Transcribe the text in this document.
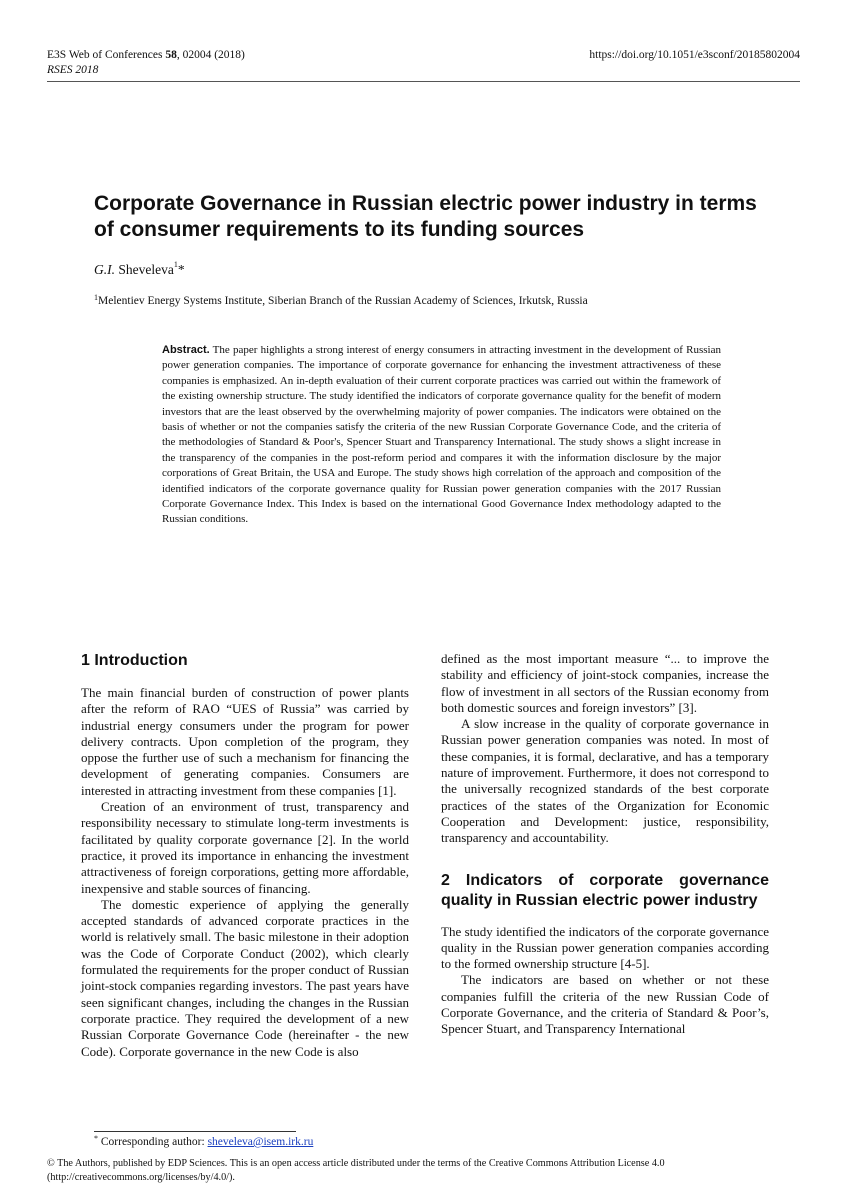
E3S Web of Conferences 58, 02004 (2018)
RSES 2018
https://doi.org/10.1051/e3sconf/20185802004
Corporate Governance in Russian electric power industry in terms of consumer requirements to its funding sources
G.I. Sheveleva$^1$*
$^1$Melentiev Energy Systems Institute, Siberian Branch of the Russian Academy of Sciences, Irkutsk, Russia
Abstract. The paper highlights a strong interest of energy consumers in attracting investment in the development of Russian power generation companies. The importance of corporate governance for enhancing the investment attractiveness of these companies is emphasized. An in-depth evaluation of their current corporate practices was carried out within the framework of the existing ownership structure. The study identified the indicators of corporate governance quality for the benefit of modern investors that are the least observed by the overwhelming majority of power companies. The indicators were obtained on the basis of whether or not the companies satisfy the criteria of the new Russian Corporate Governance Code, and the criteria of the methodologies of Standard & Poor's, Spencer Stuart and Transparency International. The study shows a slight increase in the transparency of the companies in the post-reform period and compares it with the information disclosure by the major corporations of Great Britain, the USA and Europe. The study shows high correlation of the approach and composition of the identified indicators of the corporate governance quality for Russian power generation companies with the 2017 Russian Corporate Governance Index. This Index is based on the international Good Governance Index methodology adapted to the Russian conditions.
1 Introduction

The main financial burden of construction of power plants after the reform of RAO “UES of Russia” was carried by industrial energy consumers under the program for power delivery contracts. Upon completion of the program, they oppose the further use of such a mechanism for financing the development of generating companies. Consumers are interested in attracting investment from these companies [1].

Creation of an environment of trust, transparency and responsibility necessary to stimulate long-term investments is facilitated by quality corporate governance [2]. In the world practice, it proved its importance in enhancing the investment attractiveness of foreign corporations, getting more affordable, inexpensive and stable sources of financing.

The domestic experience of applying the generally accepted standards of advanced corporate practices in the world is relatively small. The basic milestone in their adoption was the Code of Corporate Conduct (2002), which clearly formulated the requirements for the proper conduct of Russian joint-stock companies regarding investors. The past years have seen significant changes, including the changes in the Russian corporate practice. They required the development of a new Russian Corporate Governance Code (hereinafter - the new Code). Corporate governance in the new Code is also

defined as the most important measure “... to improve the stability and efficiency of joint-stock companies, increase the flow of investment in all sectors of the Russian economy from both domestic sources and foreign investors” [3].

A slow increase in the quality of corporate governance in Russian power generation companies was noted. In most of these companies, it is formal, declarative, and has a temporary nature of improvement. Furthermore, it does not correspond to the universally recognized standards of the best corporate practices of the states of the Organization for Economic Cooperation and Development: justice, responsibility, transparency and accountability.

2 Indicators of corporate governance quality in Russian electric power industry

The study identified the indicators of the corporate governance quality in the Russian power generation companies according to the formed ownership structure [4-5].

The indicators are based on whether or not these companies fulfill the criteria of the new Russian Code of Corporate Governance, and the criteria of Standard & Poor’s, Spencer Stuart, and Transparency International

* Corresponding author: sheveleva@isem.irk.ru
© The Authors, published by EDP Sciences. This is an open access article distributed under the terms of the Creative Commons Attribution License 4.0 (http://creativecommons.org/licenses/by/4.0/).
